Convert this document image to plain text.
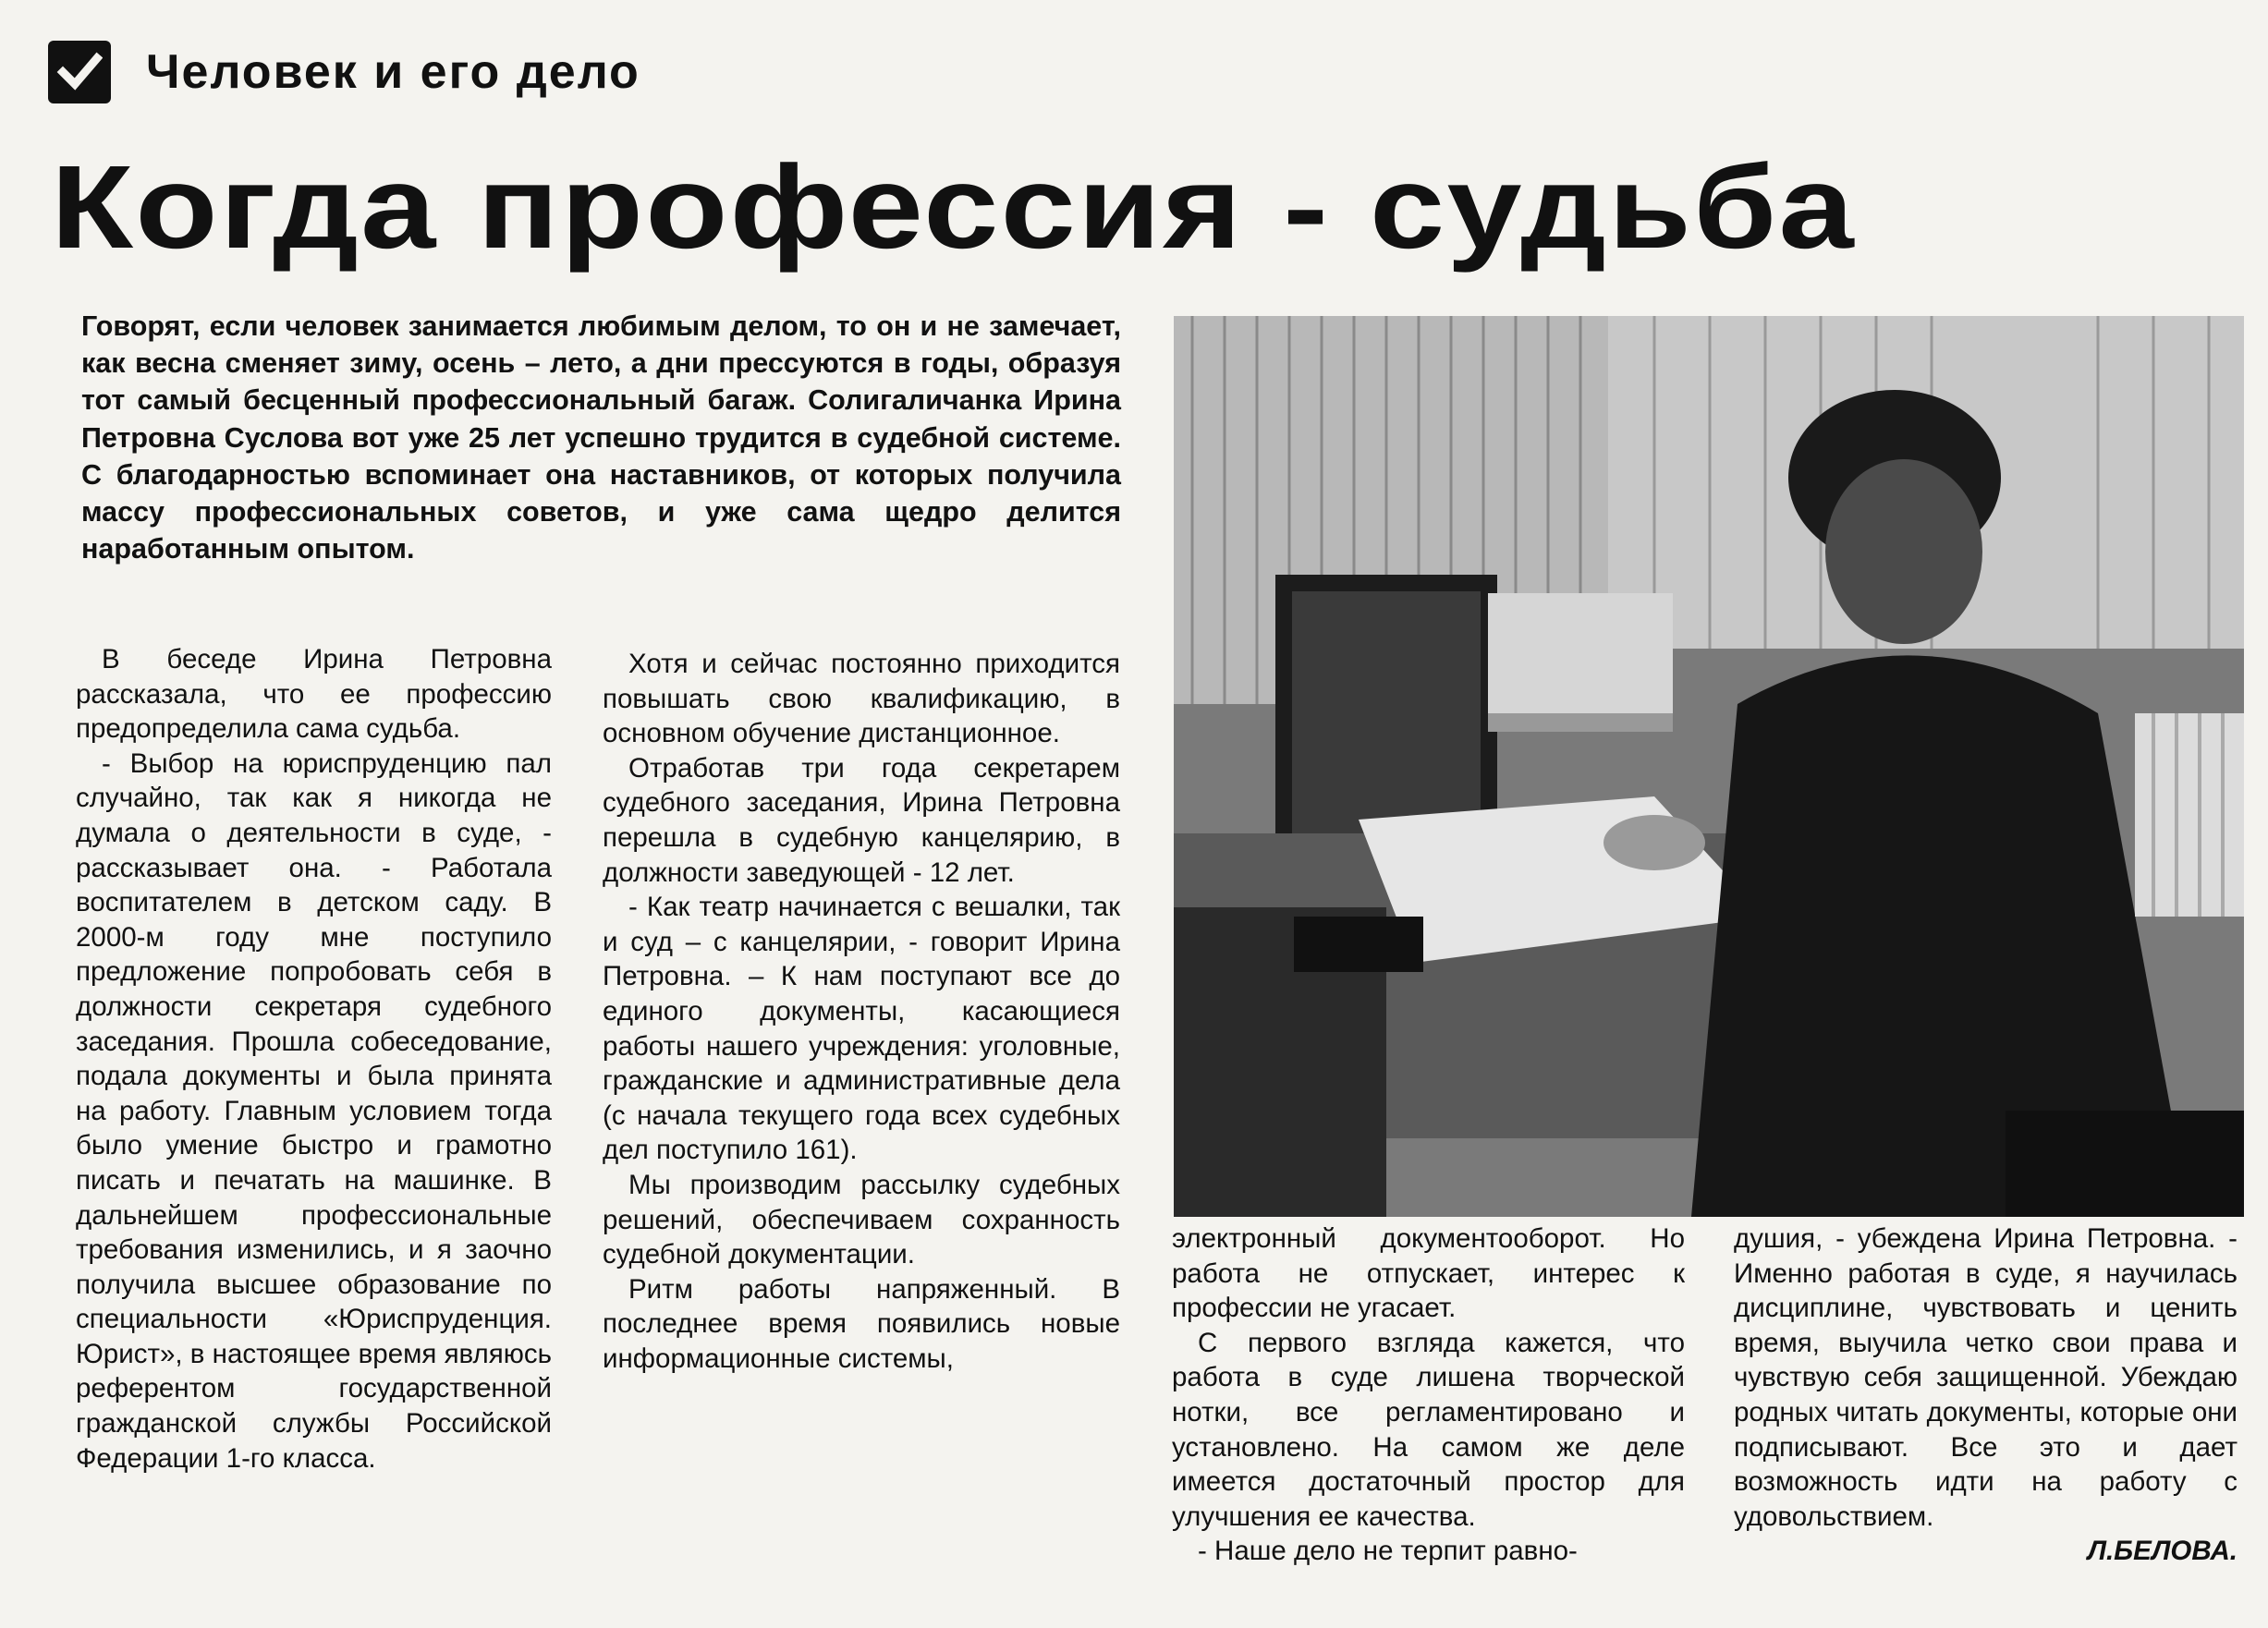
Человек и его дело
Когда профессия - судьба

Говорят, если человек занимается любимым делом, то он и не замечает, как весна сменяет зиму, осень – лето, а дни прессуются в годы, образуя тот самый бесценный профессиональный багаж. Солигаличанка Ирина Петровна Суслова вот уже 25 лет успешно трудится в судебной системе. С благодарностью вспоминает она наставников, от которых получила массу профессиональных советов, и уже сама щедро делится наработанным опытом.

В беседе Ирина Петровна рассказала, что ее профессию предопределила сама судьба.

- Выбор на юриспруденцию пал случайно, так как я никогда не думала о деятельности в суде, - рассказывает она. - Работала воспитателем в детском саду. В 2000-м году мне поступило предложение попробовать себя в должности секретаря судебного заседания. Прошла собеседование, подала документы и была принята на работу. Главным условием тогда было умение быстро и грамотно писать и печатать на машинке. В дальнейшем профессиональные требования изменились, и я заочно получила высшее образование по специальности «Юриспруденция. Юрист», в настоящее время являюсь референтом государственной гражданской службы Российской Федерации 1-го класса.

Хотя и сейчас постоянно приходится повышать свою квалификацию, в основном обучение дистанционное.

Отработав три года секретарем судебного заседания, Ирина Петровна перешла в судебную канцелярию, в должности заведующей - 12 лет.

- Как театр начинается с вешалки, так и суд – с канцелярии, - говорит Ирина Петровна. – К нам поступают все до единого документы, касающиеся работы нашего учреждения: уголовные, гражданские и административные дела (с начала текущего года всех судебных дел поступило 161).

Мы производим рассылку судебных решений, обеспечиваем сохранность судебной документации.

Ритм работы напряженный. В последнее время появились новые информационные системы,

электронный документооборот. Но работа не отпускает, интерес к профессии не угасает.

С первого взгляда кажется, что работа в суде лишена творческой нотки, все регламентировано и установлено. На самом же деле имеется достаточный простор для улучшения ее качества.

- Наше дело не терпит равно-

душия, - убеждена Ирина Петровна. - Именно работая в суде, я научилась дисциплине, чувствовать и ценить время, выучила четко свои права и чувствую себя защищенной. Убеждаю родных читать документы, которые они подписывают. Все это и дает возможность идти на работу с удовольствием.

Л.БЕЛОВА.
